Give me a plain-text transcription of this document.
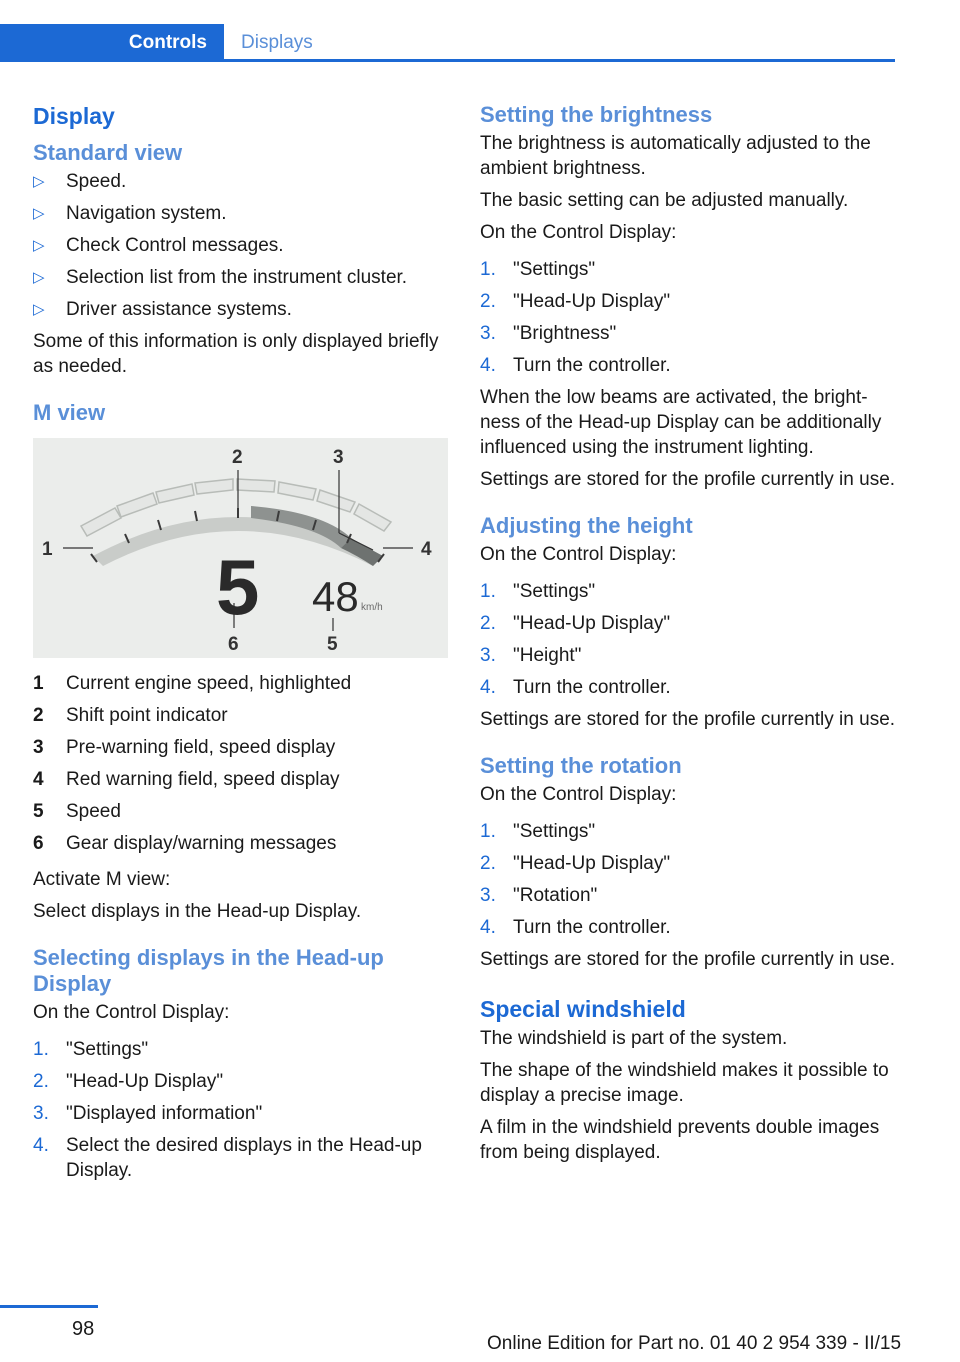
Controls	Displays
Display
Standard view
▷	Speed.
▷	Navigation system.
▷	Check Control messages.
▷	Selection list from the instrument cluster.
▷	Driver assistance systems.

Some of this information is only displayed briefly as needed.

M view
1
2	3
4
5
6
5 48 km/h
1	Current engine speed, highlighted
2	Shift point indicator
3	Pre-warning field, speed display
4	Red warning field, speed display
5	Speed
6	Gear display/warning messages

Activate M view:

Select displays in the Head-up Display.

Selecting displays in the Head-up Display

On the Control Display:

1. "Settings"
2. "Head-Up Display"
3. "Displayed information"
4. Select the desired displays in the Head-up Display.
Setting the brightness

The brightness is automatically adjusted to the ambient brightness.

The basic setting can be adjusted manually.

On the Control Display:

1. "Settings"
2. "Head-Up Display"
3. "Brightness"
4. Turn the controller.

When the low beams are activated, the brightness of the Head-up Display can be additionally influenced using the instrument lighting.

Settings are stored for the profile currently in use.

Adjusting the height

On the Control Display:

1. "Settings"
2. "Head-Up Display"
3. "Height"
4. Turn the controller.

Settings are stored for the profile currently in use.

Setting the rotation

On the Control Display:

1. "Settings"
2. "Head-Up Display"
3. "Rotation"
4. Turn the controller.

Settings are stored for the profile currently in use.

Special windshield

The windshield is part of the system.

The shape of the windshield makes it possible to display a precise image.

A film in the windshield prevents double images from being displayed.

98
Online Edition for Part no. 01 40 2 954 339 - II/15
